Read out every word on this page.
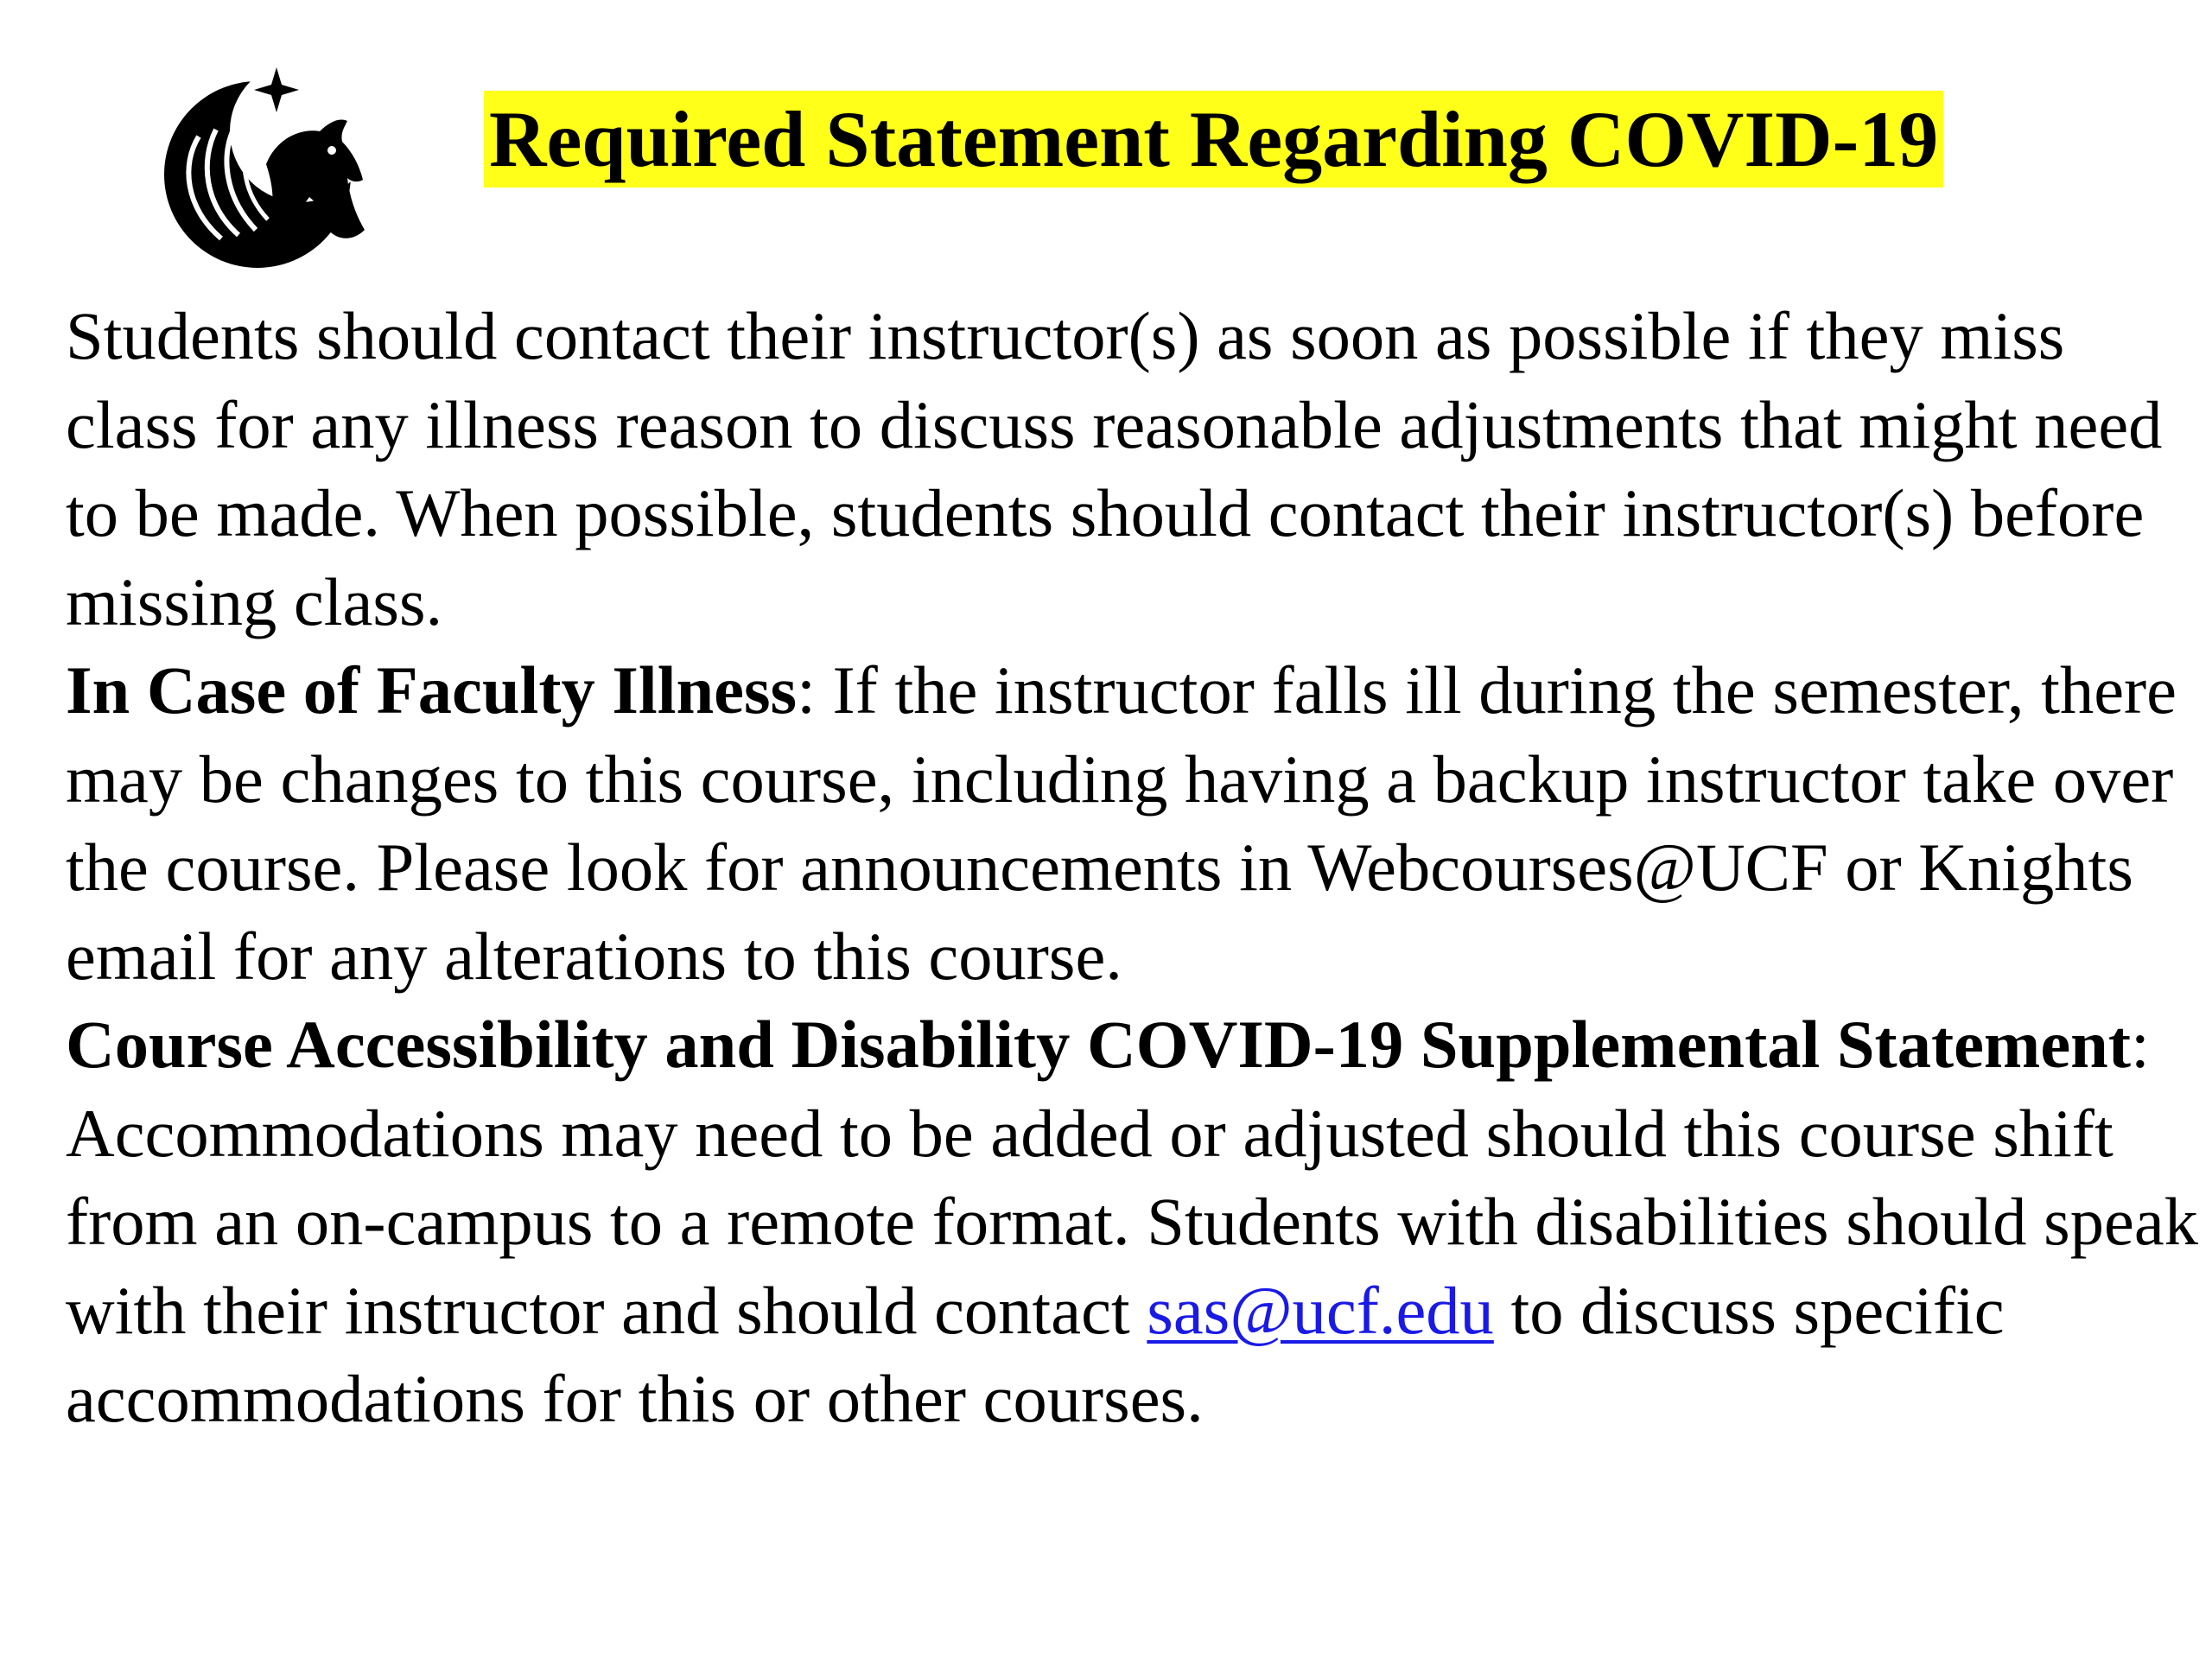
Required Statement Regarding COVID-19

Students should contact their instructor(s) as soon as possible if they miss class for any illness reason to discuss reasonable adjustments that might need to be made. When possible, students should contact their instructor(s) before missing class.

In Case of Faculty Illness: If the instructor falls ill during the semester, there may be changes to this course, including having a backup instructor take over the course. Please look for announcements in Webcourses@UCF or Knights email for any alterations to this course.

Course Accessibility and Disability COVID-19 Supplemental Statement: Accommodations may need to be added or adjusted should this course shift from an on-campus to a remote format. Students with disabilities should speak with their instructor and should contact sas@ucf.edu to discuss specific accommodations for this or other courses.
